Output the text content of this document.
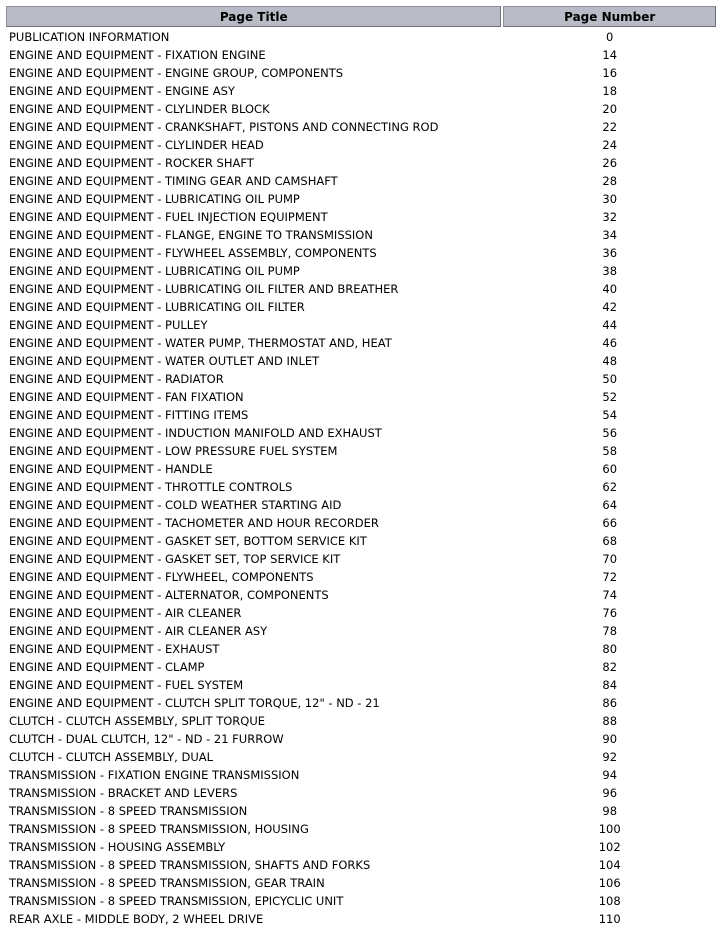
Page Title	Page Number
PUBLICATION INFORMATION	0
ENGINE AND EQUIPMENT - FIXATION ENGINE	14
ENGINE AND EQUIPMENT - ENGINE GROUP, COMPONENTS	16
ENGINE AND EQUIPMENT - ENGINE ASY	18
ENGINE AND EQUIPMENT - CLYLINDER BLOCK	20
ENGINE AND EQUIPMENT - CRANKSHAFT, PISTONS AND CONNECTING ROD	22
ENGINE AND EQUIPMENT - CLYLINDER HEAD	24
ENGINE AND EQUIPMENT - ROCKER SHAFT	26
ENGINE AND EQUIPMENT - TIMING GEAR AND CAMSHAFT	28
ENGINE AND EQUIPMENT - LUBRICATING OIL PUMP	30
ENGINE AND EQUIPMENT - FUEL INJECTION EQUIPMENT	32
ENGINE AND EQUIPMENT - FLANGE, ENGINE TO TRANSMISSION	34
ENGINE AND EQUIPMENT - FLYWHEEL ASSEMBLY, COMPONENTS	36
ENGINE AND EQUIPMENT - LUBRICATING OIL PUMP	38
ENGINE AND EQUIPMENT - LUBRICATING OIL FILTER AND BREATHER	40
ENGINE AND EQUIPMENT - LUBRICATING OIL FILTER	42
ENGINE AND EQUIPMENT - PULLEY	44
ENGINE AND EQUIPMENT - WATER PUMP, THERMOSTAT AND, HEAT	46
ENGINE AND EQUIPMENT - WATER OUTLET AND INLET	48
ENGINE AND EQUIPMENT - RADIATOR	50
ENGINE AND EQUIPMENT - FAN FIXATION	52
ENGINE AND EQUIPMENT - FITTING ITEMS	54
ENGINE AND EQUIPMENT - INDUCTION MANIFOLD AND EXHAUST	56
ENGINE AND EQUIPMENT - LOW PRESSURE FUEL SYSTEM	58
ENGINE AND EQUIPMENT - HANDLE	60
ENGINE AND EQUIPMENT - THROTTLE CONTROLS	62
ENGINE AND EQUIPMENT - COLD WEATHER STARTING AID	64
ENGINE AND EQUIPMENT - TACHOMETER AND HOUR RECORDER	66
ENGINE AND EQUIPMENT - GASKET SET, BOTTOM SERVICE KIT	68
ENGINE AND EQUIPMENT - GASKET SET, TOP SERVICE KIT	70
ENGINE AND EQUIPMENT - FLYWHEEL, COMPONENTS	72
ENGINE AND EQUIPMENT - ALTERNATOR, COMPONENTS	74
ENGINE AND EQUIPMENT - AIR CLEANER	76
ENGINE AND EQUIPMENT - AIR CLEANER ASY	78
ENGINE AND EQUIPMENT - EXHAUST	80
ENGINE AND EQUIPMENT - CLAMP	82
ENGINE AND EQUIPMENT - FUEL SYSTEM	84
ENGINE AND EQUIPMENT - CLUTCH SPLIT TORQUE, 12" - ND - 21	86
CLUTCH - CLUTCH ASSEMBLY, SPLIT TORQUE	88
CLUTCH - DUAL CLUTCH, 12" - ND - 21 FURROW	90
CLUTCH - CLUTCH ASSEMBLY, DUAL	92
TRANSMISSION - FIXATION ENGINE TRANSMISSION	94
TRANSMISSION - BRACKET AND LEVERS	96
TRANSMISSION - 8 SPEED TRANSMISSION	98
TRANSMISSION - 8 SPEED TRANSMISSION, HOUSING	100
TRANSMISSION - HOUSING ASSEMBLY	102
TRANSMISSION - 8 SPEED TRANSMISSION, SHAFTS AND FORKS	104
TRANSMISSION - 8 SPEED TRANSMISSION, GEAR TRAIN	106
TRANSMISSION - 8 SPEED TRANSMISSION, EPICYCLIC UNIT	108
REAR AXLE - MIDDLE BODY, 2 WHEEL DRIVE	110
